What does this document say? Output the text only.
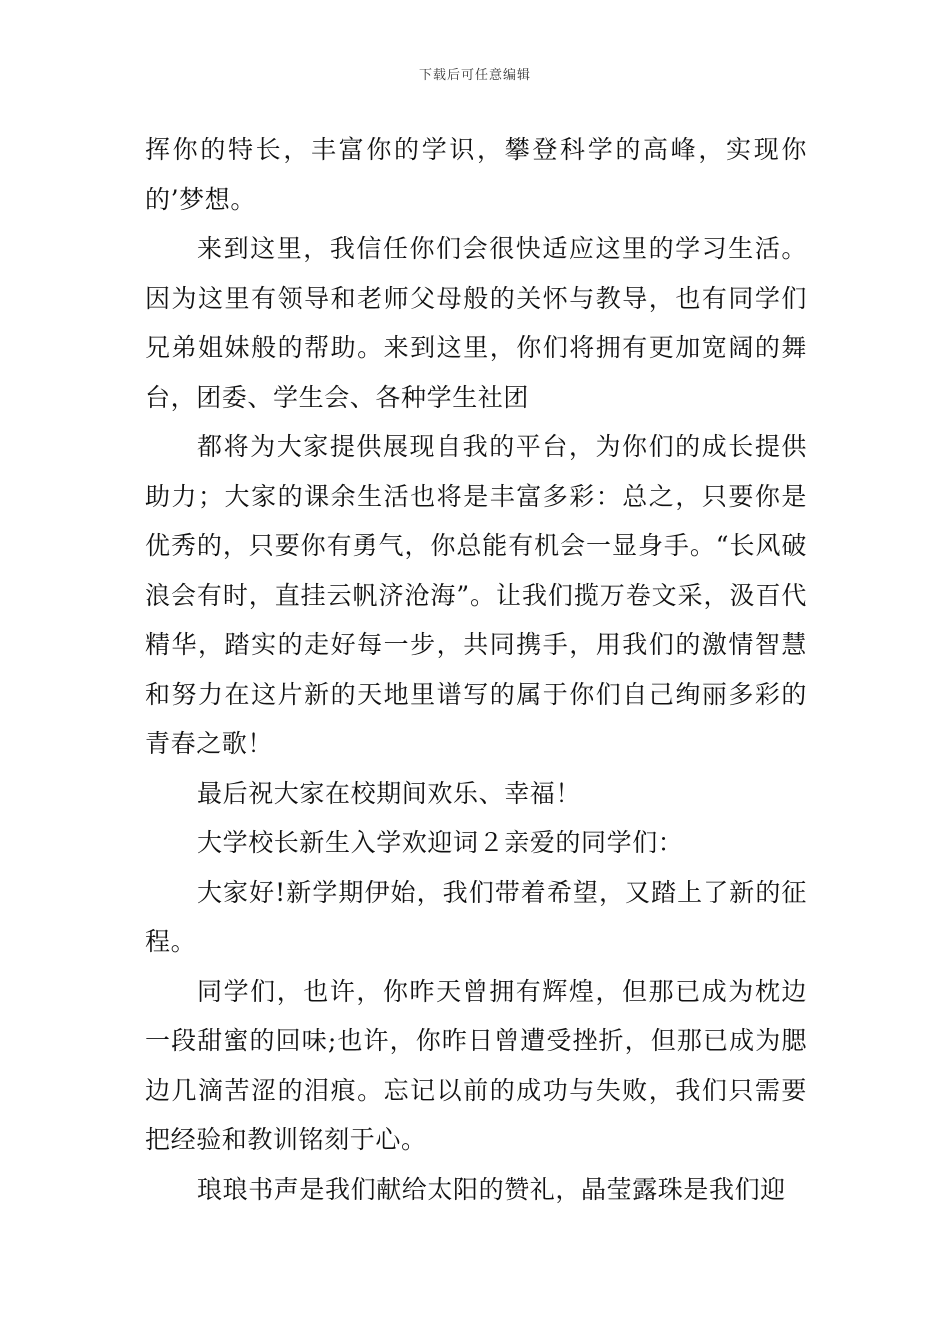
下载后可任意编辑

挥你的特长，丰富你的学识，攀登科学的高峰，实现你的’梦想。

来到这里，我信任你们会很快适应这里的学习生活。因为这里有领导和老师父母般的关怀与教导，也有同学们兄弟姐妹般的帮助。来到这里，你们将拥有更加宽阔的舞台，团委、学生会、各种学生社团

都将为大家提供展现自我的平台，为你们的成长提供助力；大家的课余生活也将是丰富多彩：总之，只要你是优秀的，只要你有勇气，你总能有机会一显身手。“长风破浪会有时，直挂云帆济沧海”。让我们揽万卷文采，汲百代精华，踏实的走好每一步，共同携手，用我们的激情智慧和努力在这片新的天地里谱写的属于你们自己绚丽多彩的青春之歌！

最后祝大家在校期间欢乐、幸福！

大学校长新生入学欢迎词２亲爱的同学们：

大家好!新学期伊始，我们带着希望，又踏上了新的征程。

同学们，也许，你昨天曾拥有辉煌，但那已成为枕边一段甜蜜的回味;也许，你昨日曾遭受挫折，但那已成为腮边几滴苦涩的泪痕。忘记以前的成功与失败，我们只需要把经验和教训铭刻于心。

琅琅书声是我们献给太阳的赞礼，晶莹露珠是我们迎
